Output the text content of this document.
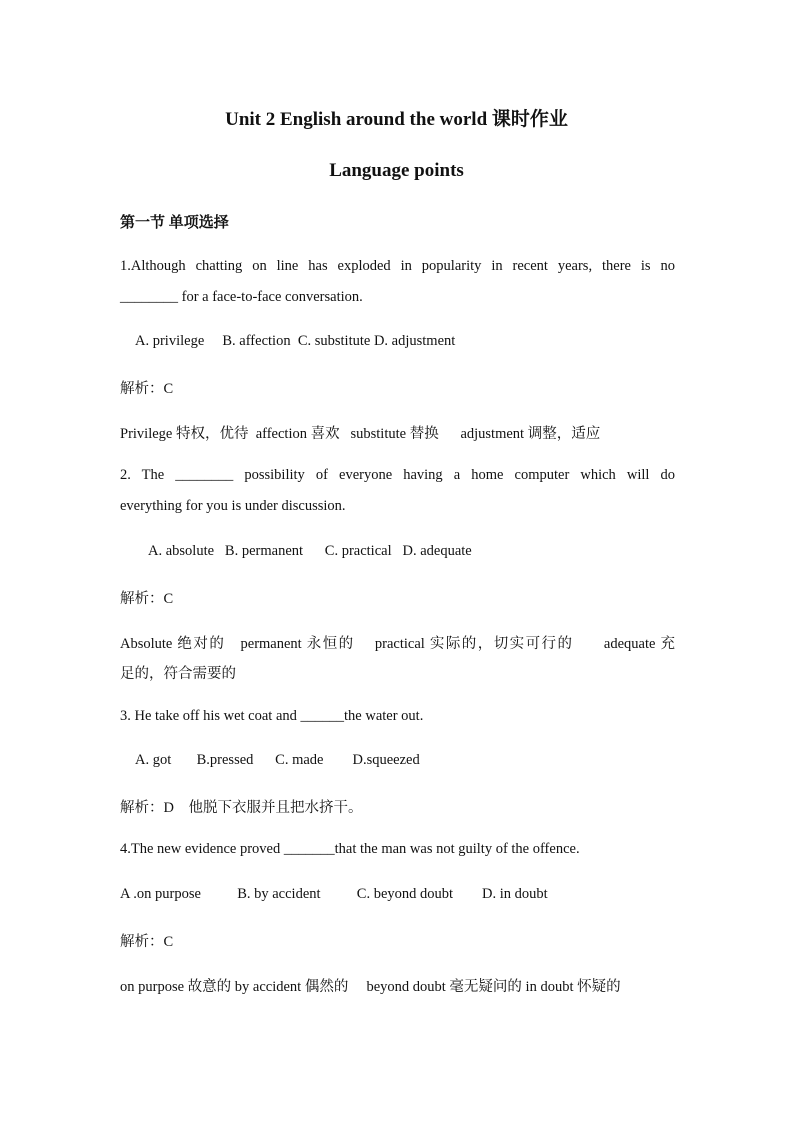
Unit 2 English around the world 课时作业
Language points
第一节 单项选择
1.Although chatting on line has exploded in popularity in recent years, there is no
________ for a face-to-face conversation.
A. privilege     B. affection  C. substitute D. adjustment
解析：C
Privilege 特权，优待  affection 喜欢   substitute 替换      adjustment 调整，适应
2. The ________ possibility of everyone having a home computer which will do
everything for you is under discussion.
A. absolute   B. permanent      C. practical   D. adequate
解析：C
Absolute 绝对的   permanent 永恒的    practical 实际的，切实可行的      adequate 充
足的，符合需要的
3. He take off his wet coat and ______the water out.
A. got       B.pressed      C. made        D.squeezed
解析：D    他脱下衣服并且把水挤干。
4.The new evidence proved _______that the man was not guilty of the offence.
A .on purpose          B. by accident          C. beyond doubt        D. in doubt
解析：C
on purpose 故意的 by accident 偶然的     beyond doubt 毫无疑问的 in doubt 怀疑的
